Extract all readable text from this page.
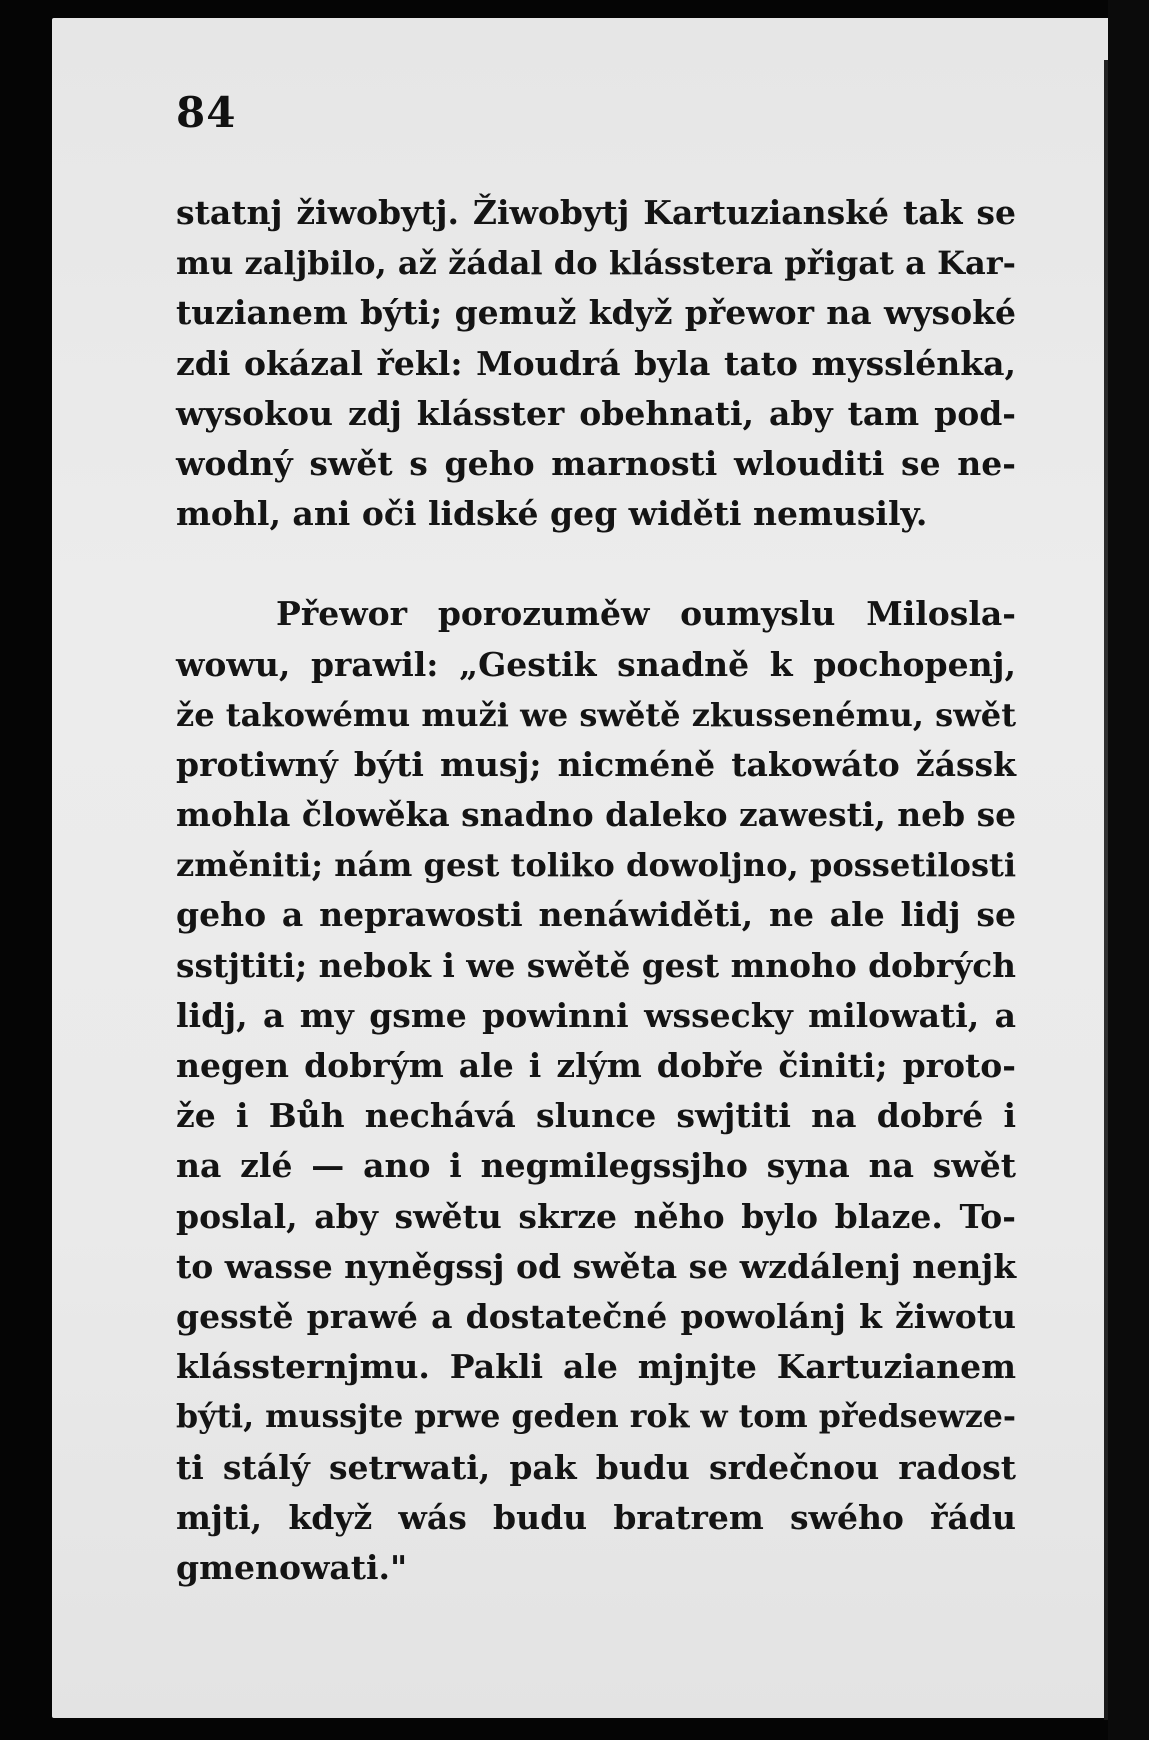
84
statnj žiwobytj. Žiwobytj Kartuzianské tak se
mu zaljbilo, až žádal do klásstera přigat a Kar-
tuzianem býti; gemuž když přewor na wysoké
zdi okázal řekl: Moudrá byla tato mysslénka,
wysokou zdj klásster obehnati, aby tam pod-
wodný swět s geho marnosti wlouditi se ne-
mohl, ani oči lidské geg widěti nemusily.
Přewor porozuměw oumyslu Milosla-
wowu, prawil: „Gestik snadně k pochopenj,
že takowému muži we swětě zkussenému, swět
protiwný býti musj; nicméně takowáto žássk
mohla člowěka snadno daleko zawesti, neb se
změniti; nám gest toliko dowoljno, possetilosti
geho a neprawosti nenáwiděti, ne ale lidj se
sstjtiti; nebok i we swětě gest mnoho dobrých
lidj, a my gsme powinni wssecky milowati, a
negen dobrým ale i zlým dobře činiti; proto-
že i Bůh nechává slunce swjtiti na dobré i
na zlé — ano i negmilegssjho syna na swět
poslal, aby swětu skrze něho bylo blaze. To-
to wasse nyněgssj od swěta se wzdálenj nenjk
gesstě prawé a dostatečné powolánj k žiwotu
klássternjmu. Pakli ale mjnjte Kartuzianem
býti, mussjte prwe geden rok w tom předsewze-
ti stálý setrwati, pak budu srdečnou radost
mjti, když wás budu bratrem swého řádu
gmenowati."
